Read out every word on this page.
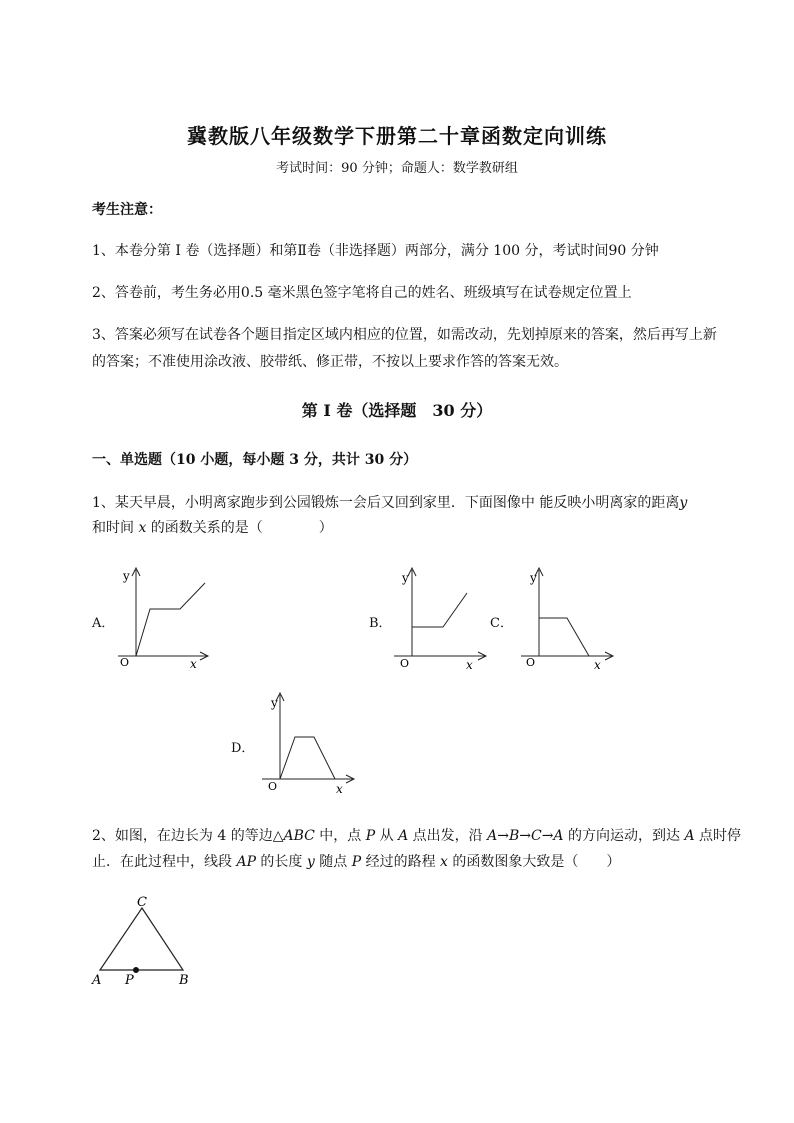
冀教版八年级数学下册第二十章函数定向训练
考试时间：90 分钟；命题人：数学教研组
考生注意：
1、本卷分第 I 卷（选择题）和第Ⅱ卷（非选择题）两部分，满分 100 分，考试时间90 分钟
2、答卷前，考生务必用0.5 毫米黑色签字笔将自己的姓名、班级填写在试卷规定位置上
3、答案必须写在试卷各个题目指定区域内相应的位置，如需改动，先划掉原来的答案，然后再写上新
的答案；不准使用涂改液、胶带纸、修正带，不按以上要求作答的答案无效。
第 I 卷（选择题　30 分）
一、单选题（10 小题，每小题 3 分，共计 30 分）
1、某天早晨，小明离家跑步到公园锻炼一会后又回到家里．下面图像中 能反映小明离家的距离y
和时间 x 的函数关系的是（　　　　）
A．
y
x
O
B．
y
x
O
C．
y
x
O
D．
y
x
O
2、如图，在边长为 4 的等边△ABC 中，点 P 从 A 点出发，沿 A→B→C→A 的方向运动，到达 A 点时停
止．在此过程中，线段 AP 的长度 y 随点 P 经过的路程 x 的函数图象大致是（　　）
C
A P	B
